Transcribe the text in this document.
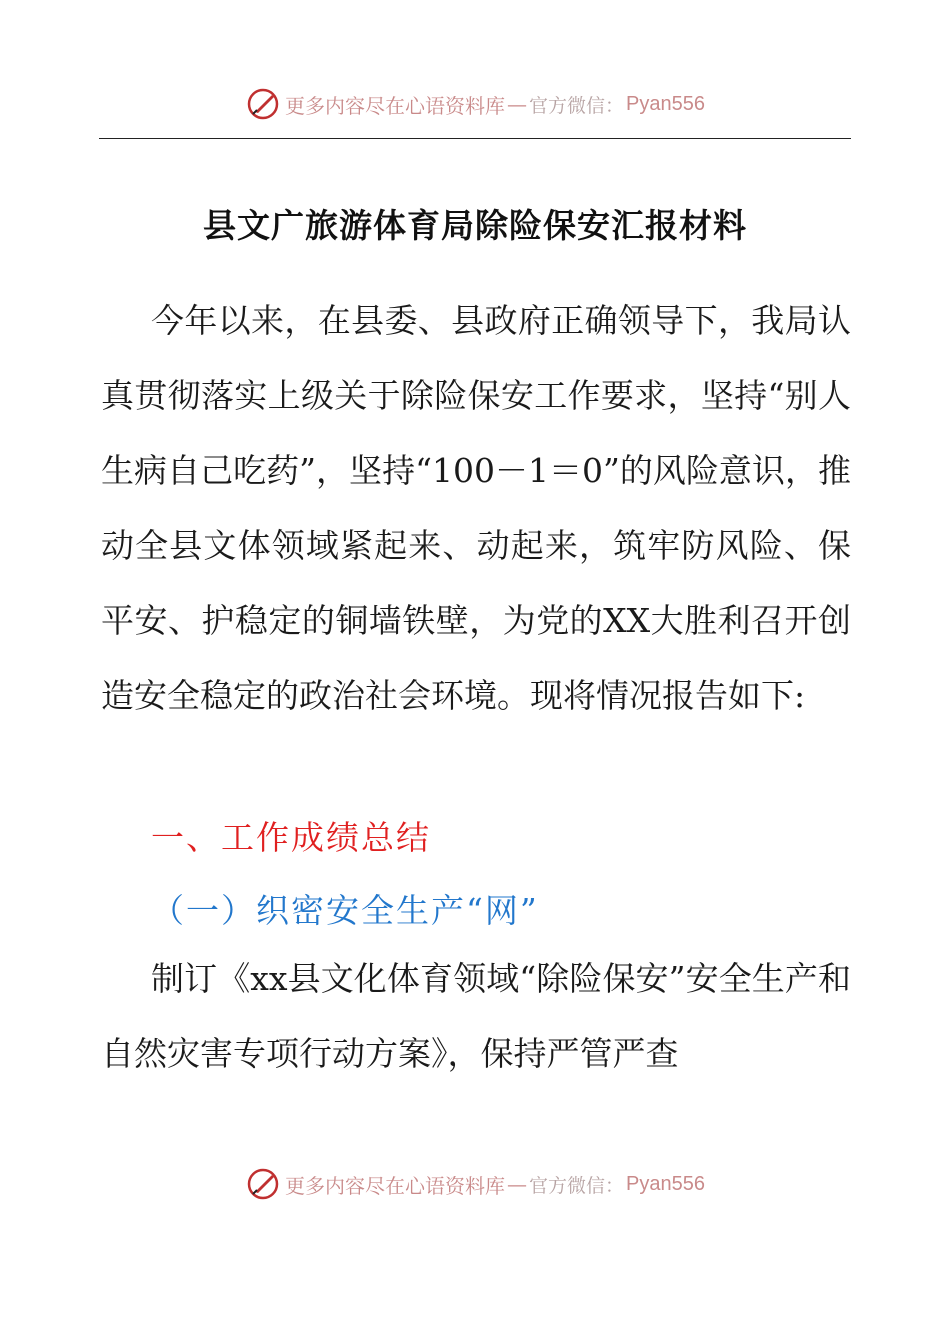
更多内容尽在心语资料库 — 官方微信： Pyan556
县文广旅游体育局除险保安汇报材料
今年以来，在县委、县政府正确领导下，我局认真贯彻落实上级关于除险保安工作要求，坚持“别人生病自己吃药”，坚持“100－1＝0”的风险意识，推动全县文体领域紧起来、动起来，筑牢防风险、保平安、护稳定的铜墙铁壁，为党的XX大胜利召开创造安全稳定的政治社会环境。现将情况报告如下:
一、工作成绩总结
（一）织密安全生产“网”
制订《xx县文化体育领域“除险保安”安全生产和自然灾害专项行动方案》，保持严管严查
更多内容尽在心语资料库 — 官方微信： Pyan556
